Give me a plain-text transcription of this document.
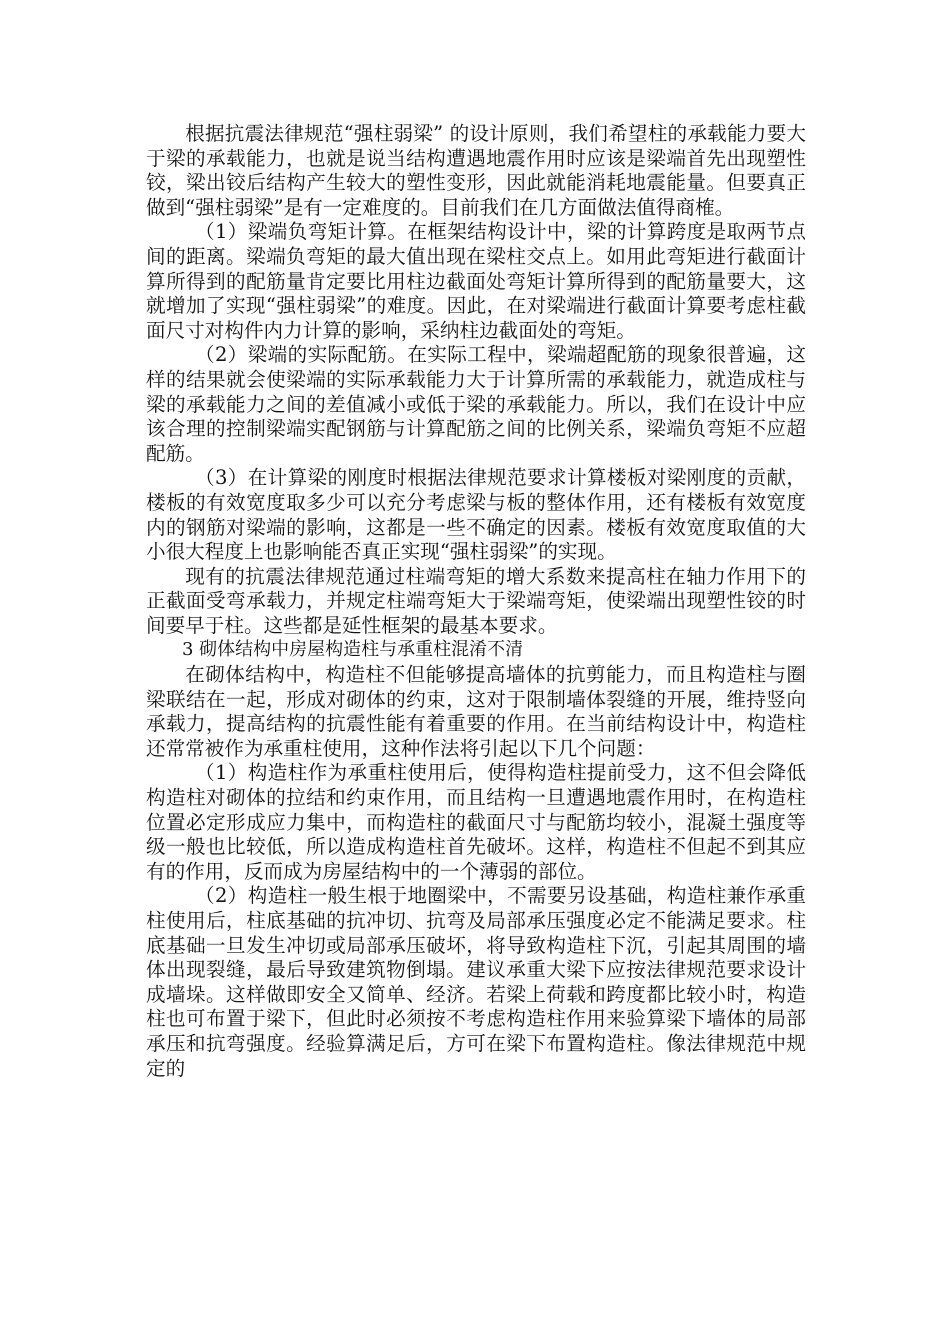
根据抗震法律规范“强柱弱梁” 的设计原则，我们希望柱的承载能力要大于梁的承载能力，也就是说当结构遭遇地震作用时应该是梁端首先出现塑性铰，梁出铰后结构产生较大的塑性变形，因此就能消耗地震能量。但要真正做到“强柱弱梁”是有一定难度的。目前我们在几方面做法值得商榷。

（1）梁端负弯矩计算。在框架结构设计中，梁的计算跨度是取两节点间的距离。梁端负弯矩的最大值出现在梁柱交点上。如用此弯矩进行截面计算所得到的配筋量肯定要比用柱边截面处弯矩计算所得到的配筋量要大，这就增加了实现“强柱弱梁”的难度。因此，在对梁端进行截面计算要考虑柱截面尺寸对构件内力计算的影响，采纳柱边截面处的弯矩。

（2）梁端的实际配筋。在实际工程中，梁端超配筋的现象很普遍，这样的结果就会使梁端的实际承载能力大于计算所需的承载能力，就造成柱与梁的承载能力之间的差值减小或低于梁的承载能力。所以，我们在设计中应该合理的控制梁端实配钢筋与计算配筋之间的比例关系，梁端负弯矩不应超配筋。

（3）在计算梁的刚度时根据法律规范要求计算楼板对梁刚度的贡献，楼板的有效宽度取多少可以充分考虑梁与板的整体作用，还有楼板有效宽度内的钢筋对梁端的影响，这都是一些不确定的因素。楼板有效宽度取值的大小很大程度上也影响能否真正实现“强柱弱梁”的实现。

现有的抗震法律规范通过柱端弯矩的增大系数来提高柱在轴力作用下的正截面受弯承载力，并规定柱端弯矩大于梁端弯矩，使梁端出现塑性铰的时间要早于柱。这些都是延性框架的最基本要求。

3 砌体结构中房屋构造柱与承重柱混淆不清

在砌体结构中，构造柱不但能够提高墙体的抗剪能力，而且构造柱与圈梁联结在一起，形成对砌体的约束，这对于限制墙体裂缝的开展，维持竖向承载力，提高结构的抗震性能有着重要的作用。在当前结构设计中，构造柱还常常被作为承重柱使用，这种作法将引起以下几个问题：

（1）构造柱作为承重柱使用后，使得构造柱提前受力，这不但会降低构造柱对砌体的拉结和约束作用，而且结构一旦遭遇地震作用时，在构造柱位置必定形成应力集中，而构造柱的截面尺寸与配筋均较小，混凝土强度等级一般也比较低，所以造成构造柱首先破坏。这样，构造柱不但起不到其应有的作用，反而成为房屋结构中的一个薄弱的部位。

（2）构造柱一般生根于地圈梁中，不需要另设基础，构造柱兼作承重柱使用后，柱底基础的抗冲切、抗弯及局部承压强度必定不能满足要求。柱底基础一旦发生冲切或局部承压破坏，将导致构造柱下沉，引起其周围的墙体出现裂缝，最后导致建筑物倒塌。建议承重大梁下应按法律规范要求设计成墙垛。这样做即安全又简单、经济。若梁上荷载和跨度都比较小时，构造柱也可布置于梁下，但此时必须按不考虑构造柱作用来验算梁下墙体的局部承压和抗弯强度。经验算满足后，方可在梁下布置构造柱。像法律规范中规定的
